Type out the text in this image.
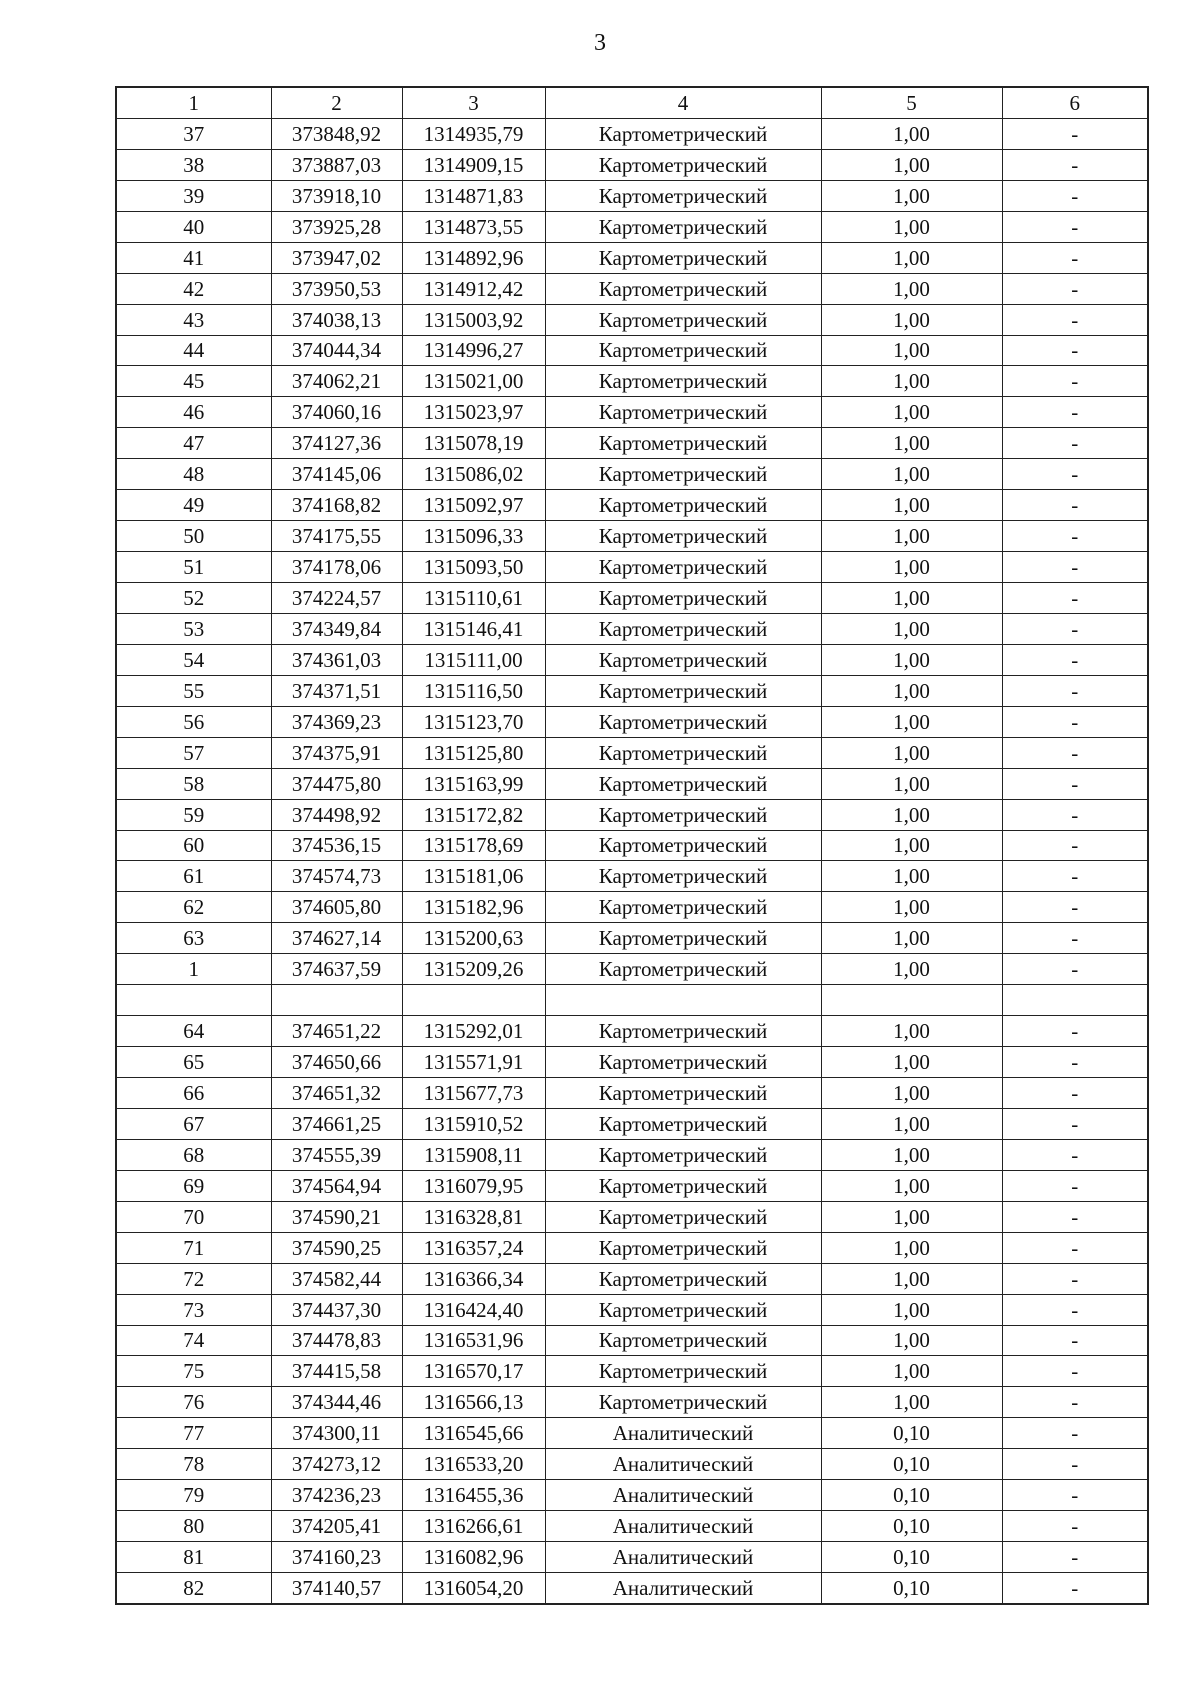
3
1	2	3	4	5	6
37	373848,92	1314935,79	Картометрический	1,00	-
38	373887,03	1314909,15	Картометрический	1,00	-
39	373918,10	1314871,83	Картометрический	1,00	-
40	373925,28	1314873,55	Картометрический	1,00	-
41	373947,02	1314892,96	Картометрический	1,00	-
42	373950,53	1314912,42	Картометрический	1,00	-
43	374038,13	1315003,92	Картометрический	1,00	-
44	374044,34	1314996,27	Картометрический	1,00	-
45	374062,21	1315021,00	Картометрический	1,00	-
46	374060,16	1315023,97	Картометрический	1,00	-
47	374127,36	1315078,19	Картометрический	1,00	-
48	374145,06	1315086,02	Картометрический	1,00	-
49	374168,82	1315092,97	Картометрический	1,00	-
50	374175,55	1315096,33	Картометрический	1,00	-
51	374178,06	1315093,50	Картометрический	1,00	-
52	374224,57	1315110,61	Картометрический	1,00	-
53	374349,84	1315146,41	Картометрический	1,00	-
54	374361,03	1315111,00	Картометрический	1,00	-
55	374371,51	1315116,50	Картометрический	1,00	-
56	374369,23	1315123,70	Картометрический	1,00	-
57	374375,91	1315125,80	Картометрический	1,00	-
58	374475,80	1315163,99	Картометрический	1,00	-
59	374498,92	1315172,82	Картометрический	1,00	-
60	374536,15	1315178,69	Картометрический	1,00	-
61	374574,73	1315181,06	Картометрический	1,00	-
62	374605,80	1315182,96	Картометрический	1,00	-
63	374627,14	1315200,63	Картометрический	1,00	-
1	374637,59	1315209,26	Картометрический	1,00	-

64	374651,22	1315292,01	Картометрический	1,00	-
65	374650,66	1315571,91	Картометрический	1,00	-
66	374651,32	1315677,73	Картометрический	1,00	-
67	374661,25	1315910,52	Картометрический	1,00	-
68	374555,39	1315908,11	Картометрический	1,00	-
69	374564,94	1316079,95	Картометрический	1,00	-
70	374590,21	1316328,81	Картометрический	1,00	-
71	374590,25	1316357,24	Картометрический	1,00	-
72	374582,44	1316366,34	Картометрический	1,00	-
73	374437,30	1316424,40	Картометрический	1,00	-
74	374478,83	1316531,96	Картометрический	1,00	-
75	374415,58	1316570,17	Картометрический	1,00	-
76	374344,46	1316566,13	Картометрический	1,00	-
77	374300,11	1316545,66	Аналитический	0,10	-
78	374273,12	1316533,20	Аналитический	0,10	-
79	374236,23	1316455,36	Аналитический	0,10	-
80	374205,41	1316266,61	Аналитический	0,10	-
81	374160,23	1316082,96	Аналитический	0,10	-
82	374140,57	1316054,20	Аналитический	0,10	-
